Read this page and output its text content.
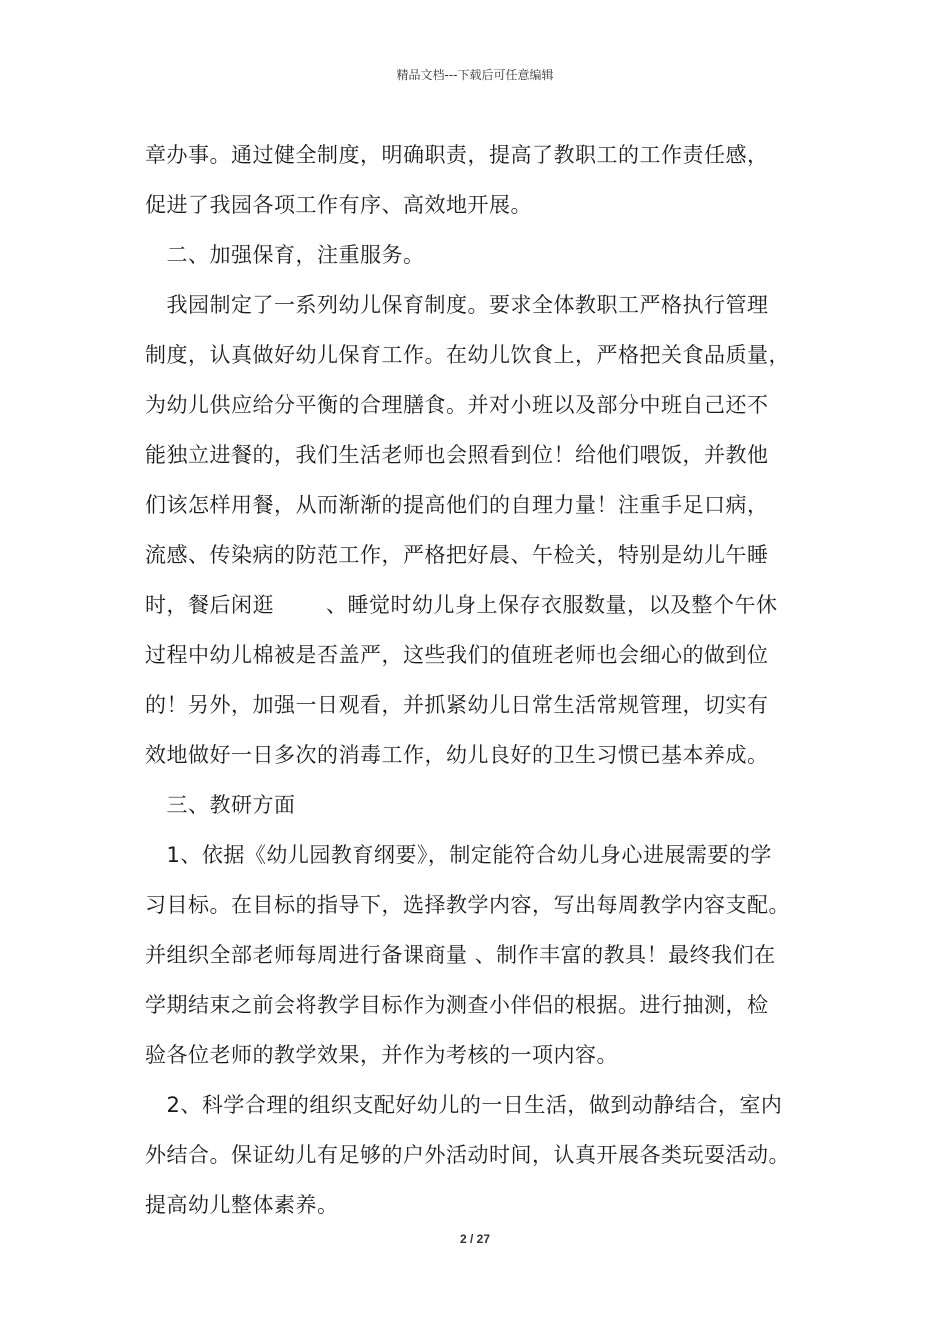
精品文档---下载后可任意编辑
章办事。通过健全制度，明确职责，提高了教职工的工作责任感，
促进了我园各项工作有序、高效地开展。
　二、加强保育，注重服务。
　我园制定了一系列幼儿保育制度。要求全体教职工严格执行管理
制度，认真做好幼儿保育工作。在幼儿饮食上，严格把关食品质量，
为幼儿供应给分平衡的合理膳食。并对小班以及部分中班自己还不
能独立进餐的，我们生活老师也会照看到位！给他们喂饭，并教他
们该怎样用餐，从而渐渐的提高他们的自理力量！注重手足口病，
流感、传染病的防范工作，严格把好晨、午检关，特别是幼儿午睡
时，餐后闲逛 、睡觉时幼儿身上保存衣服数量，以及整个午休
过程中幼儿棉被是否盖严，这些我们的值班老师也会细心的做到位
的！另外，加强一日观看，并抓紧幼儿日常生活常规管理，切实有
效地做好一日多次的消毒工作，幼儿良好的卫生习惯已基本养成。
　三、教研方面
　1、依据《幼儿园教育纲要》，制定能符合幼儿身心进展需要的学
习目标。在目标的指导下，选择教学内容，写出每周教学内容支配。
并组织全部老师每周进行备课商量 、制作丰富的教具！最终我们在
学期结束之前会将教学目标作为测查小伴侣的根据。进行抽测，检
验各位老师的教学效果，并作为考核的一项内容。
　2、科学合理的组织支配好幼儿的一日生活，做到动静结合，室内
外结合。保证幼儿有足够的户外活动时间，认真开展各类玩耍活动。
提高幼儿整体素养。
2 / 27
